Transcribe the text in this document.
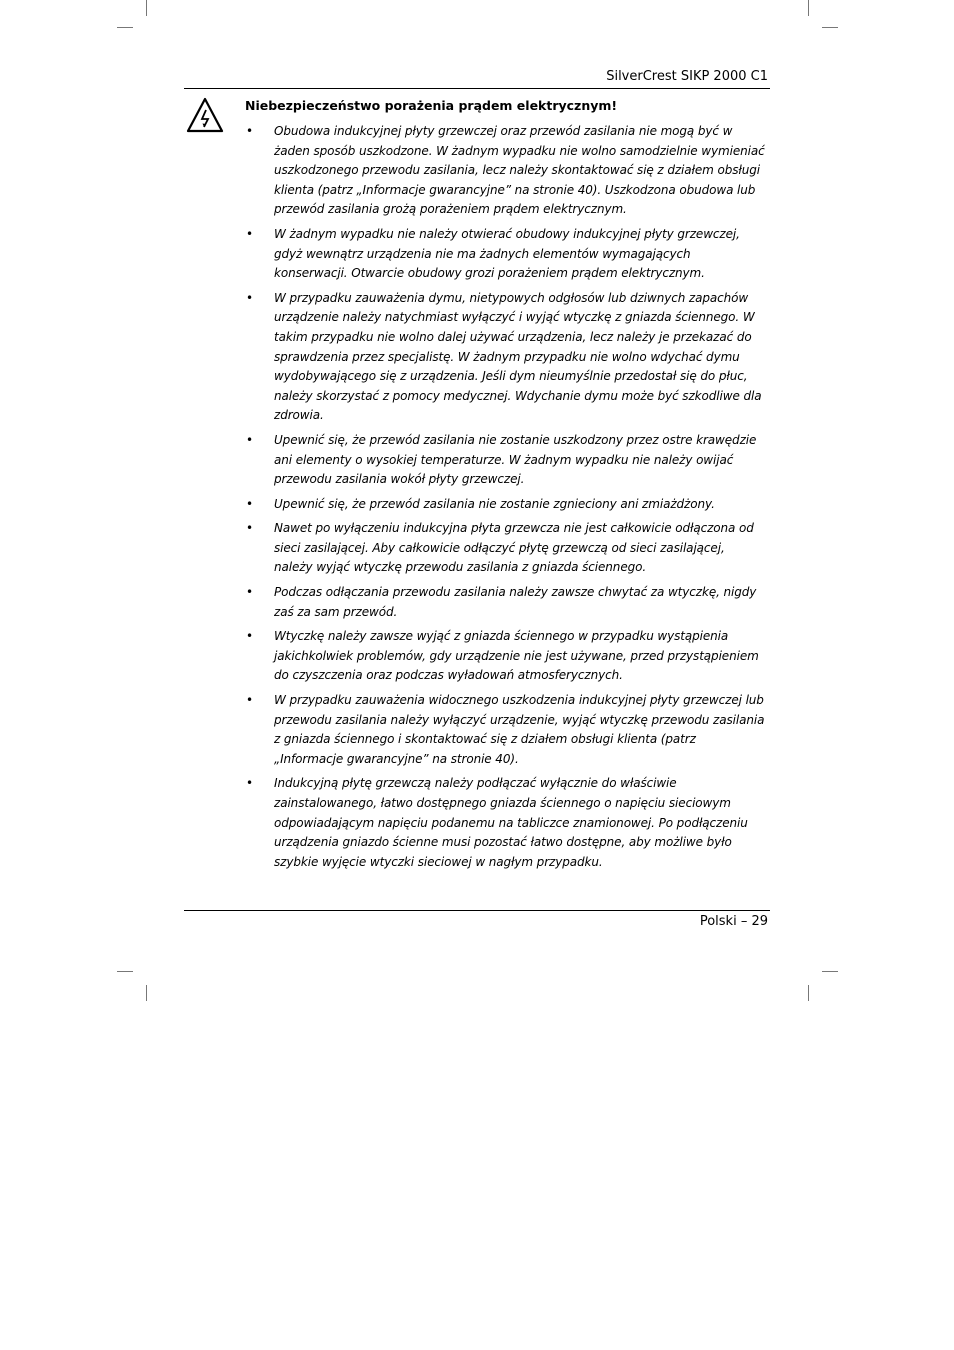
SilverCrest SIKP 2000 C1

Niebezpieczeństwo porażenia prądem elektrycznym!

• Obudowa indukcyjnej płyty grzewczej oraz przewód zasilania nie mogą być w żaden sposób uszkodzone. W żadnym wypadku nie wolno samodzielnie wymieniać uszkodzonego przewodu zasilania, lecz należy skontaktować się z działem obsługi klienta (patrz „Informacje gwarancyjne” na stronie 40). Uszkodzona obudowa lub przewód zasilania grożą porażeniem prądem elektrycznym.
• W żadnym wypadku nie należy otwierać obudowy indukcyjnej płyty grzewczej, gdyż wewnątrz urządzenia nie ma żadnych elementów wymagających konserwacji. Otwarcie obudowy grozi porażeniem prądem elektrycznym.
• W przypadku zauważenia dymu, nietypowych odgłosów lub dziwnych zapachów urządzenie należy natychmiast wyłączyć i wyjąć wtyczkę z gniazda ściennego. W takim przypadku nie wolno dalej używać urządzenia, lecz należy je przekazać do sprawdzenia przez specjalistę. W żadnym przypadku nie wolno wdychać dymu wydobywającego się z urządzenia. Jeśli dym nieumyślnie przedostał się do płuc, należy skorzystać z pomocy medycznej. Wdychanie dymu może być szkodliwe dla zdrowia.
• Upewnić się, że przewód zasilania nie zostanie uszkodzony przez ostre krawędzie ani elementy o wysokiej temperaturze. W żadnym wypadku nie należy owijać przewodu zasilania wokół płyty grzewczej.
• Upewnić się, że przewód zasilania nie zostanie zgnieciony ani zmiażdżony.
• Nawet po wyłączeniu indukcyjna płyta grzewcza nie jest całkowicie odłączona od sieci zasilającej. Aby całkowicie odłączyć płytę grzewczą od sieci zasilającej, należy wyjąć wtyczkę przewodu zasilania z gniazda ściennego.
• Podczas odłączania przewodu zasilania należy zawsze chwytać za wtyczkę, nigdy zaś za sam przewód.
• Wtyczkę należy zawsze wyjąć z gniazda ściennego w przypadku wystąpienia jakichkolwiek problemów, gdy urządzenie nie jest używane, przed przystąpieniem do czyszczenia oraz podczas wyładowań atmosferycznych.
• W przypadku zauważenia widocznego uszkodzenia indukcyjnej płyty grzewczej lub przewodu zasilania należy wyłączyć urządzenie, wyjąć wtyczkę przewodu zasilania z gniazda ściennego i skontaktować się z działem obsługi klienta (patrz „Informacje gwarancyjne” na stronie 40).
• Indukcyjną płytę grzewczą należy podłączać wyłącznie do właściwie zainstalowanego, łatwo dostępnego gniazda ściennego o napięciu sieciowym odpowiadającym napięciu podanemu na tabliczce znamionowej. Po podłączeniu urządzenia gniazdo ścienne musi pozostać łatwo dostępne, aby możliwe było szybkie wyjęcie wtyczki sieciowej w nagłym przypadku.
Polski – 29
